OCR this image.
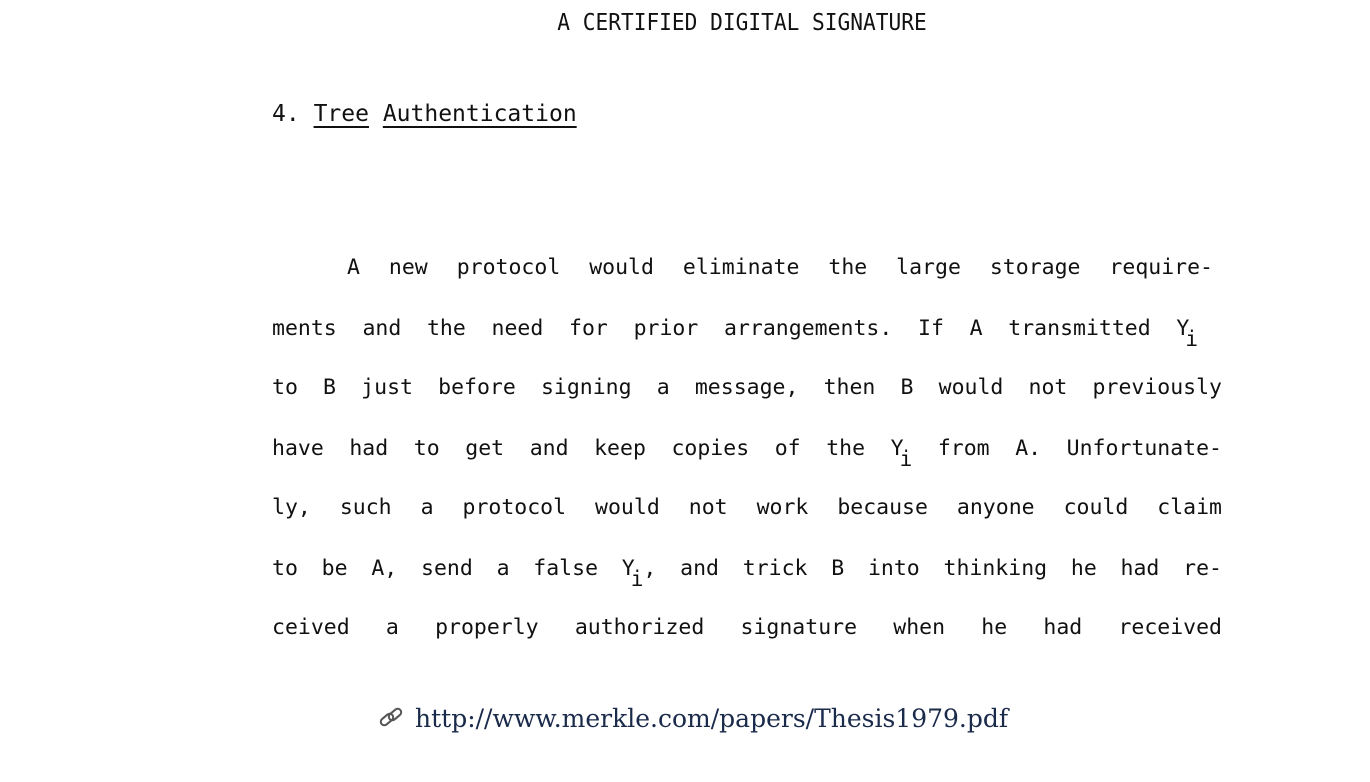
A CERTIFIED DIGITAL SIGNATURE
4. Tree Authentication
A new protocol would eliminate the large storage require-
ments and the need for prior arrangements. If A transmitted Yi
to B just before signing a message, then B would not previously
have had to get and keep copies of the Yi from A. Unfortunate-
ly, such a protocol would not work because anyone could claim
to be A, send a false Yi, and trick B into thinking he had re-
ceived a properly authorized signature when he had received
http://www.merkle.com/papers/Thesis1979.pdf
